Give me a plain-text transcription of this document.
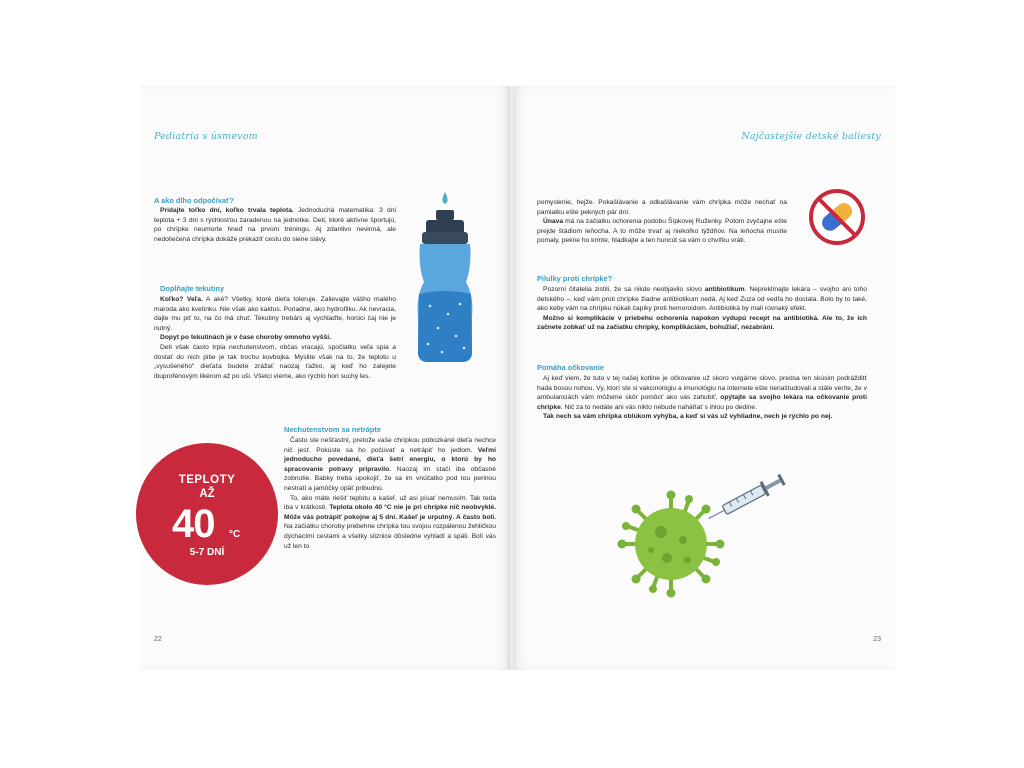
Pediatria s úsmevom
A ako dlho odpočívať?

Pridajte toľko dní, koľko trvala teplota. Jednoduchá matematika: 3 dni teplota + 3 dni s rýchlosťou zaradenou na jednotke. Deti, ktoré aktívne športujú, po chrípke neumorte hneď na prvom tréningu. Aj zdanlivo nevinná, ale nedoliečená chrípka dokáže prekaziť cestu do siene slávy.

Doplňajte tekutiny

Koľko? Veľa. A aké? Všetky, ktoré dieťa toleruje. Zalievajte vášho malého maroda ako kvetinku. Nie však ako kaktus. Poriadne, ako hydrofilku. Ak nevracia, dajte mu piť to, na čo má chuť. Tekutiny trebárs aj vychlaďte, horúci čaj nie je nutný.

Dopyt po tekutinách je v čase choroby omnoho vyšší.

Deti však často trpia nechutenstvom, občas vracajú, spočiatku veľa spia a dostať do nich pitie je tak trochu kovbojka. Myslite však na to, že teplotu u „vysušeného“ dieťaťa budete zrážať naozaj ťažko, aj keď ho zalejete ibuprofénovým likérom až po uši. Všetci vieme, ako rýchlo hori suchý les.

Nechutenstvom sa netrápte

Často ste nešťastní, pretože vaše chrípkou pobozkané dieťa nechce nič jesť. Pokúste sa ho počúvať a netrápiť ho jedlom. Veľmi jednoducho povedané, dieťa šetrí energiu, o ktorú by ho spracovanie potravy pripravilo. Naozaj im stačí iba občasné zobnutie. Babky treba upokojiť, že sa im vnúčatko pod tou perinou nestratí a jamôčky opäť pribudnú.

To, ako máte riešiť teplotu a kašeľ, už asi písať nemusím. Tak teda iba v krátkosti. Teplota okolo 40 °C nie je pri chrípke nič neobvyklé. Môže vás potrápiť pokojne aj 5 dní. Kašeľ je urputný. A často bolí. Na začiatku choroby prebehne chrípka tou svojou rozpálenou žehličkou dýchacími cestami a všetky sliznice dôsledne vyhladí a spáli. Bolí vás už len to

TEPLOTY
AŽ
40 °C
5-7 DNÍ
22
Najčastejšie detské baliesty

pomyslenie, hejže. Pokašlávanie a odkašlávanie vám chrípka môže nechať na pamiatku ešte pekných pár dní.

Únava má na začiatku ochorenia podobu Šípkovej Ruženky. Potom zvyčajne ešte prejde štádiom leňocha. A to môže trvať aj niekoľko týždňov. Na leňocha musíte pomaly, pekne ho krmte, hladkajte a ten huncút sa vám o chvíľku vráti.

Pilulky proti chrípke?

Pozorní čitatelia zistili, že sa nikde neobjavilo slovo antibiotikum. Nepreklínajte lekára – svojho ani toho detského –, keď vám proti chrípke žiadne antibiotikum nedá. Aj keď Zuza od vedľa ho dostala. Bolo by to také, ako keby vám na chrípku núkali čapíky proti hemoroidom. Antibiotiká by mali rovnaký efekt.

Možno si komplikácie v priebehu ochorenia napokon vydupú recept na antibiotiká. Ale to, že ich začnete zobkať už na začiatku chrípky, komplikáciám, bohužiaľ, nezabráni.

Pomáha očkovanie

Aj keď viem, že tuto v tej našej kotline je očkovanie už skoro vulgárne slovo, predsa len skúsim podrážditť hada bosou nohou. Vy, ktorí ste si vakcinológiu a imunológiu na internete ešte nenaštudovali a stále veríte, že v ambulanciách vám môžeme skôr pomôcť ako vás zahubiť, opýtajte sa svojho lekára na očkovanie proti chrípke. Nič za to nedáte ani vás nikto nebude naháňať s ihlou po dedine.

Tak nech sa vám chrípka oblúkom vyhýba, a keď si vás už vyhliadne, nech je rýchlo po nej.

23
